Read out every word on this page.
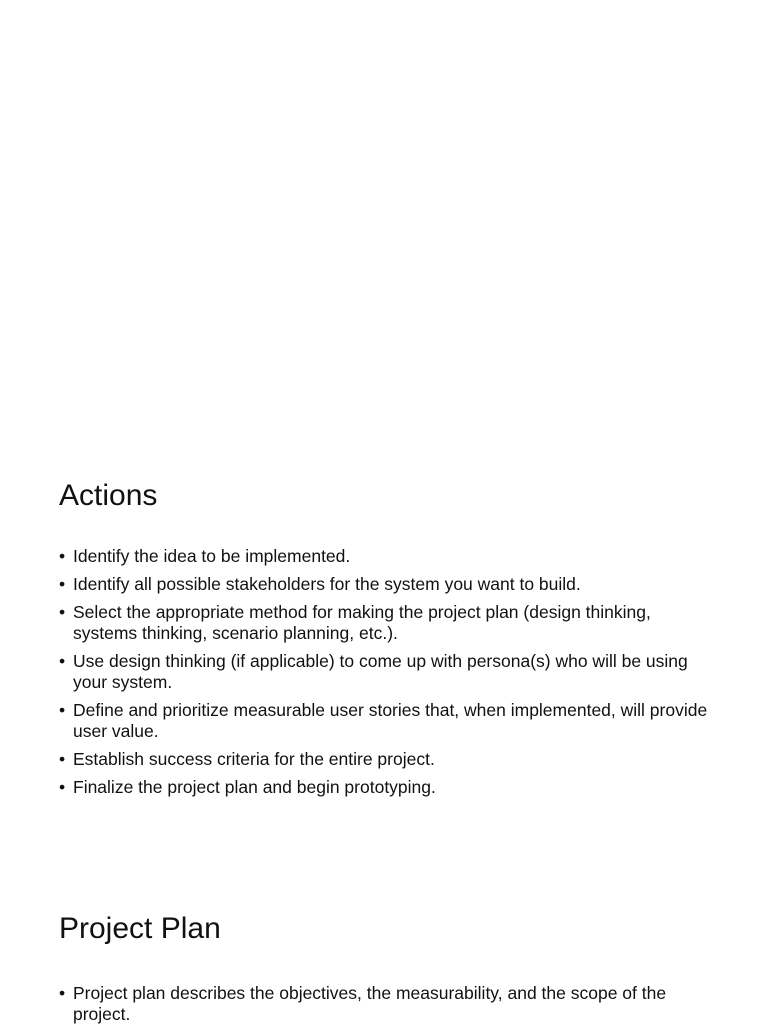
Actions
• Identify the idea to be implemented.
• Identify all possible stakeholders for the system you want to build.
• Select the appropriate method for making the project plan (design thinking, systems thinking, scenario planning, etc.).
• Use design thinking (if applicable) to come up with persona(s) who will be using your system.
• Define and prioritize measurable user stories that, when implemented, will provide user value.
• Establish success criteria for the entire project.
• Finalize the project plan and begin prototyping.
Project Plan
• Project plan describes the objectives, the measurability, and the scope of the project.
